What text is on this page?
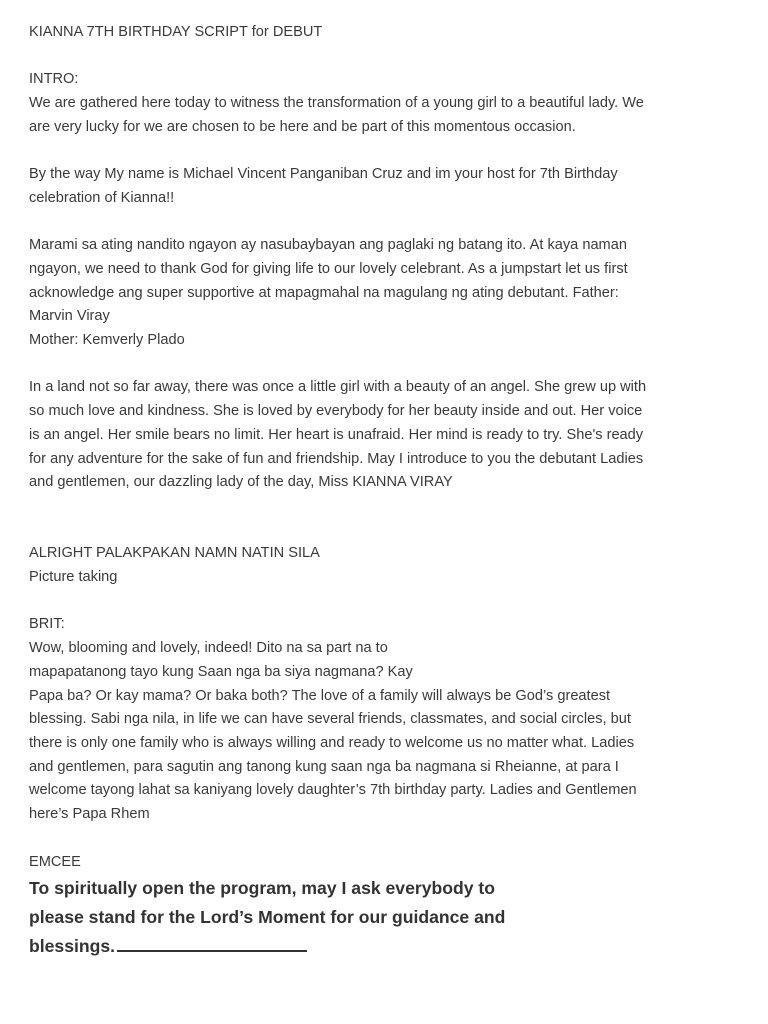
KIANNA 7TH BIRTHDAY SCRIPT for DEBUT
INTRO:
We are gathered here today to witness the transformation of a young girl to a beautiful lady. We
are very lucky for we are chosen to be here and be part of this momentous occasion.
By the way My name is Michael Vincent Panganiban Cruz and im your host for 7th Birthday
celebration of Kianna!!
Marami sa ating nandito ngayon ay nasubaybayan ang paglaki ng batang ito. At kaya naman
ngayon, we need to thank God for giving life to our lovely celebrant. As a jumpstart let us first
acknowledge ang super supportive at mapagmahal na magulang ng ating debutant. Father:
Marvin Viray
Mother: Kemverly Plado
In a land not so far away, there was once a little girl with a beauty of an angel. She grew up with
so much love and kindness. She is loved by everybody for her beauty inside and out. Her voice
is an angel. Her smile bears no limit. Her heart is unafraid. Her mind is ready to try. She's ready
for any adventure for the sake of fun and friendship. May I introduce to you the debutant Ladies
and gentlemen, our dazzling lady of the day, Miss KIANNA VIRAY
ALRIGHT PALAKPAKAN NAMN NATIN SILA
Picture taking
BRIT:
Wow, blooming and lovely, indeed! Dito na sa part na to
mapapatanong tayo kung Saan nga ba siya nagmana? Kay
Papa ba? Or kay mama? Or baka both? The love of a family will always be God’s greatest
blessing. Sabi nga nila, in life we can have several friends, classmates, and social circles, but
there is only one family who is always willing and ready to welcome us no matter what. Ladies
and gentlemen, para sagutin ang tanong kung saan nga ba nagmana si Rheianne, at para I
welcome tayong lahat sa kaniyang lovely daughter’s 7th birthday party. Ladies and Gentlemen
here’s Papa Rhem
EMCEE
To spiritually open the program, may I ask everybody to
please stand for the Lord’s Moment for our guidance and
blessings.
